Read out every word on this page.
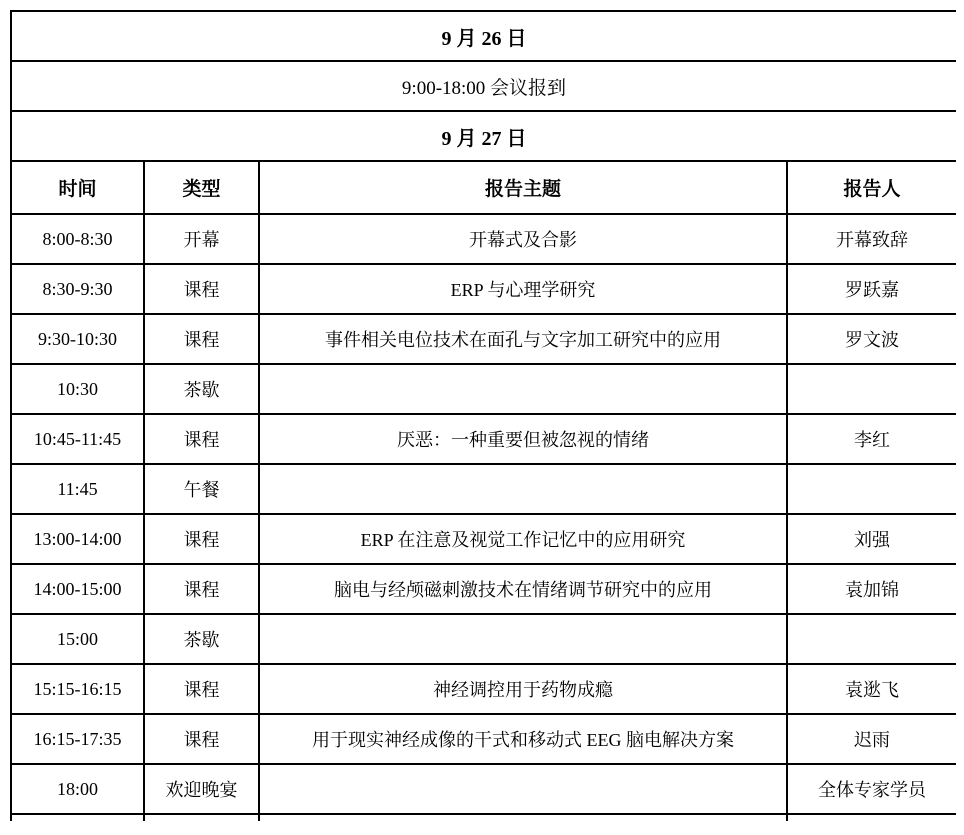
9 月 26 日			
9:00-18:00 会议报到			
9 月 27 日			
时间	类型	报告主题	报告人
8:00-8:30	开幕	开幕式及合影	开幕致辞
8:30-9:30	课程	ERP 与心理学研究	罗跃嘉
9:30-10:30	课程	事件相关电位技术在面孔与文字加工研究中的应用	罗文波
10:30	茶歇		
10:45-11:45	课程	厌恶：一种重要但被忽视的情绪	李红
11:45	午餐		
13:00-14:00	课程	ERP 在注意及视觉工作记忆中的应用研究	刘强
14:00-15:00	课程	脑电与经颅磁刺激技术在情绪调节研究中的应用	袁加锦
15:00	茶歇		
15:15-16:15	课程	神经调控用于药物成瘾	袁逖飞
16:15-17:35	课程	用于现实神经成像的干式和移动式 EEG 脑电解决方案	迟雨
18:00	欢迎晚宴		全体专家学员
